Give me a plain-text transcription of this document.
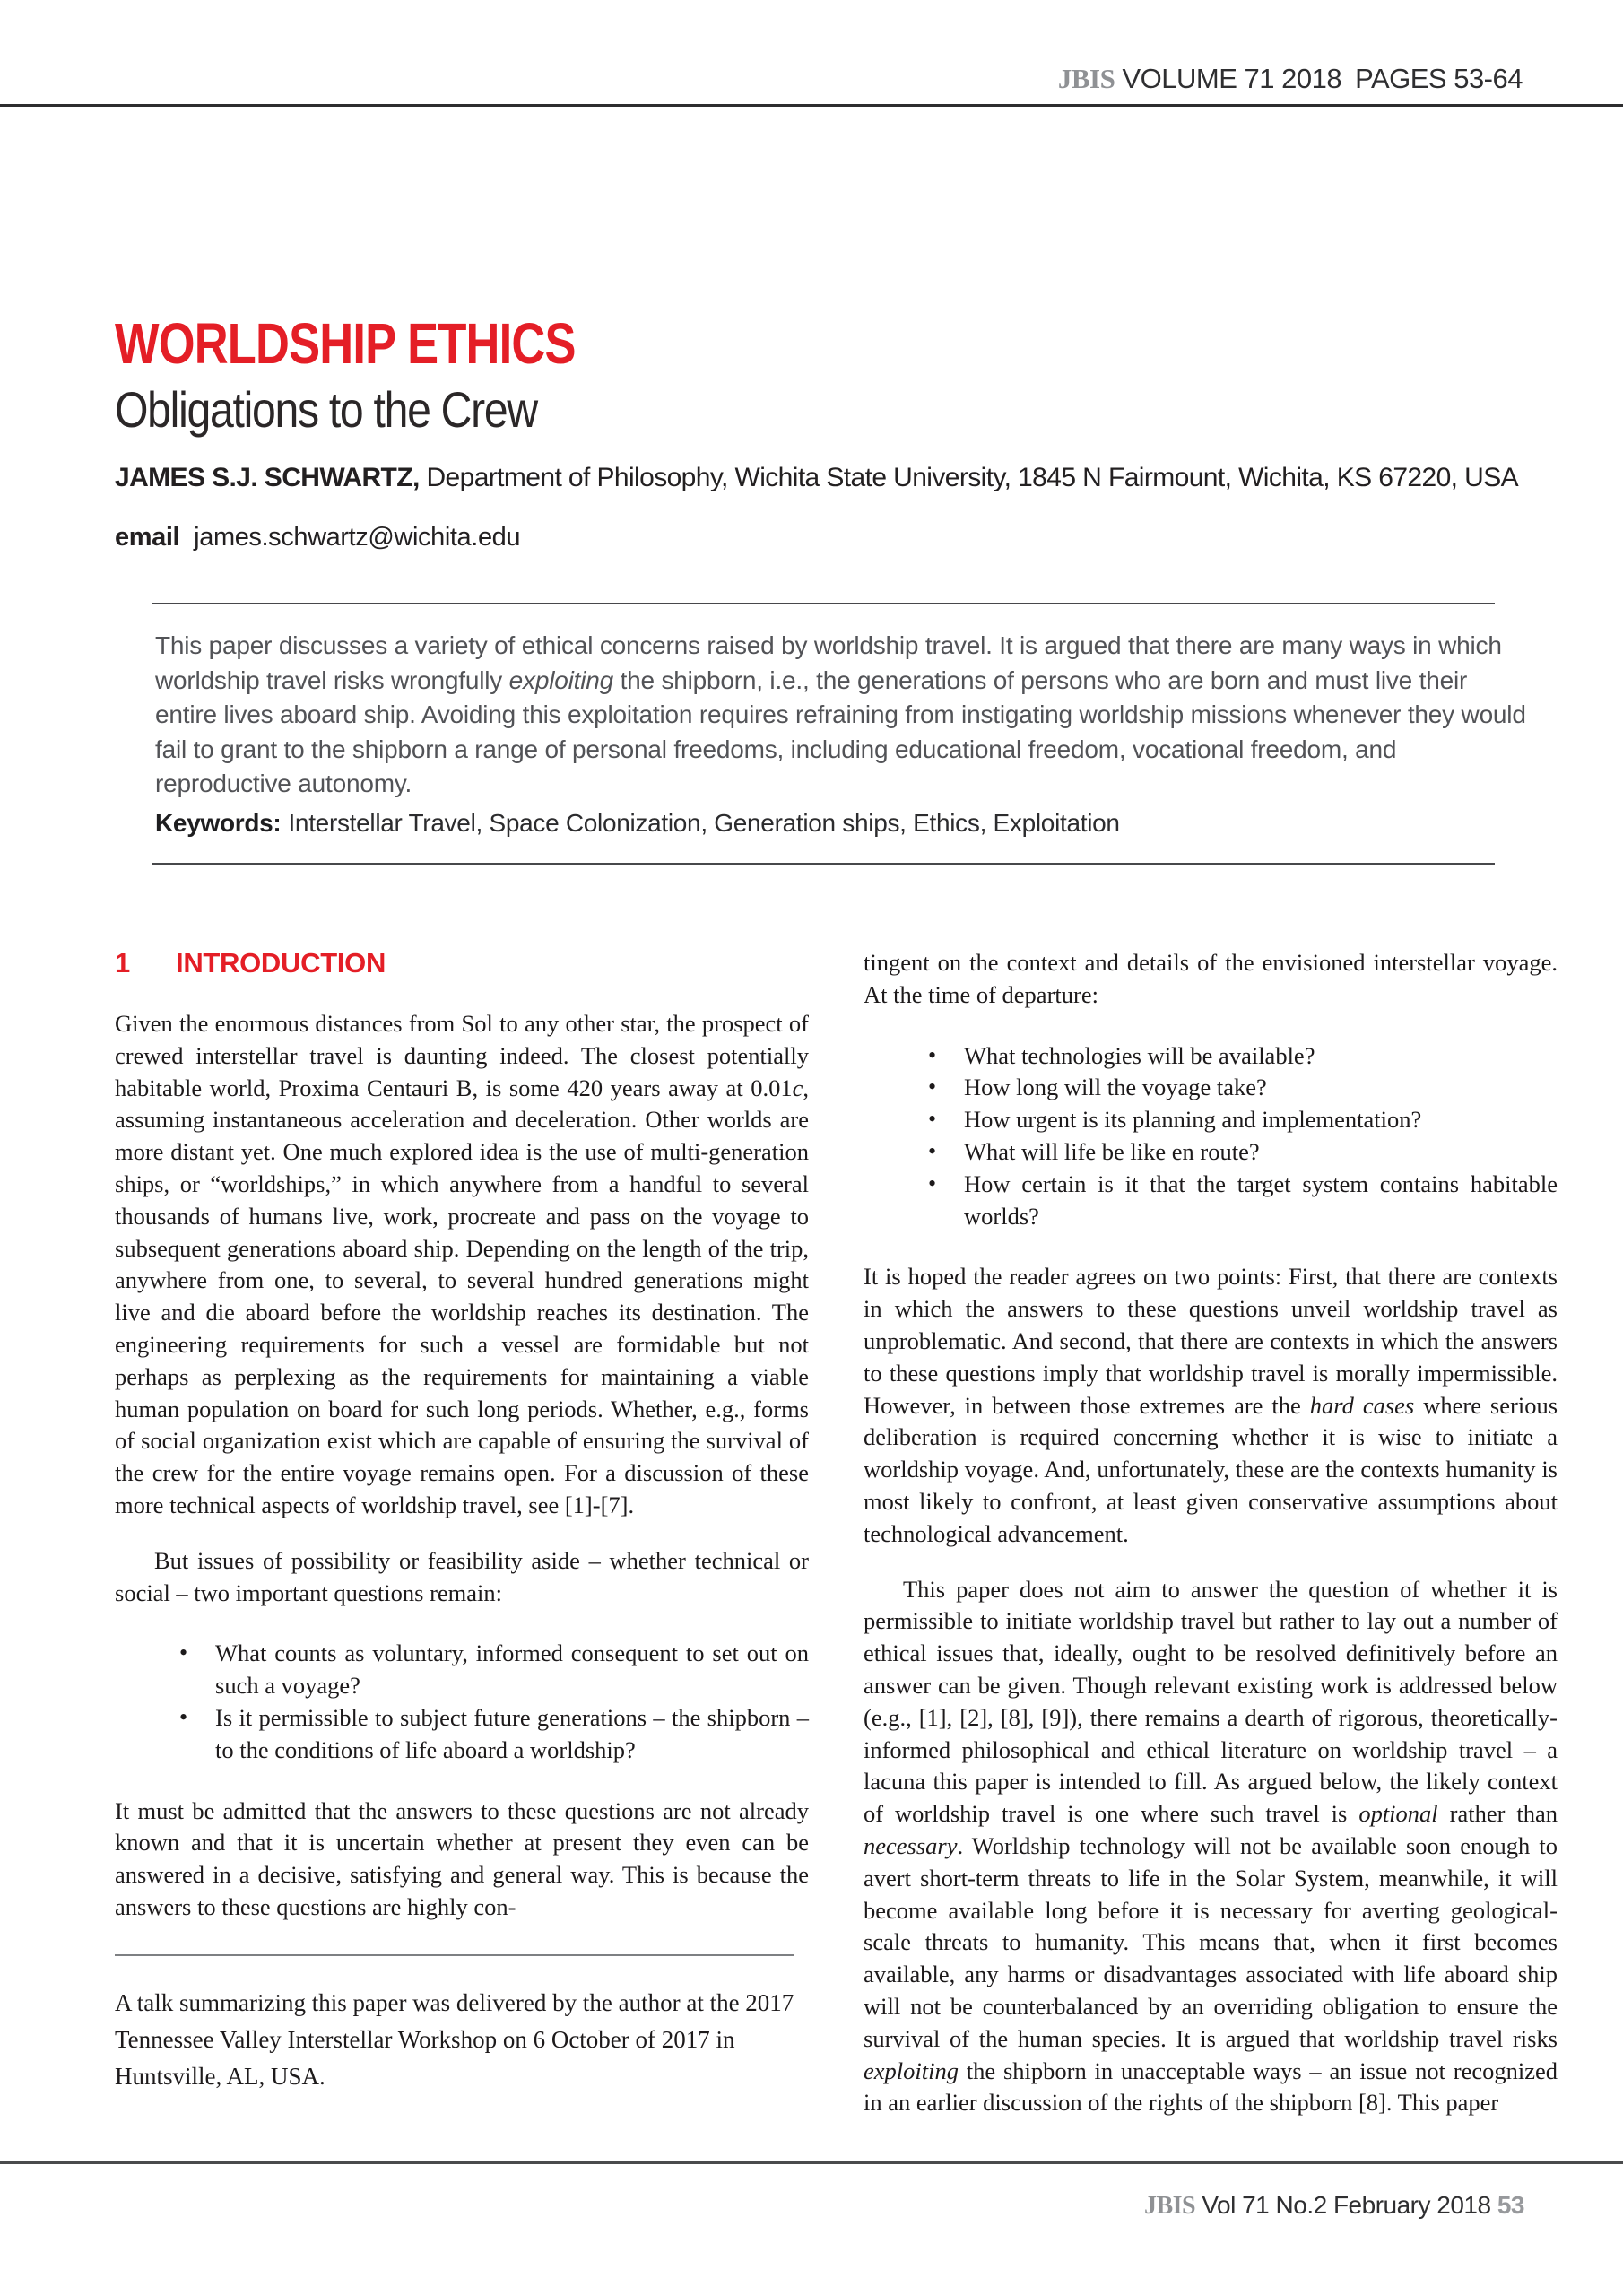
JBIS VOLUME 71 2018 PAGES 53-64
WORLDSHIP ETHICS
Obligations to the Crew
JAMES S.J. SCHWARTZ, Department of Philosophy, Wichita State University, 1845 N Fairmount, Wichita, KS 67220, USA
email james.schwartz@wichita.edu
This paper discusses a variety of ethical concerns raised by worldship travel. It is argued that there are many ways in which worldship travel risks wrongfully exploiting the shipborn, i.e., the generations of persons who are born and must live their entire lives aboard ship. Avoiding this exploitation requires refraining from instigating worldship missions whenever they would fail to grant to the shipborn a range of personal freedoms, including educational freedom, vocational freedom, and reproductive autonomy.
Keywords: Interstellar Travel, Space Colonization, Generation ships, Ethics, Exploitation
1 INTRODUCTION

Given the enormous distances from Sol to any other star, the prospect of crewed interstellar travel is daunting indeed. The closest potentially habitable world, Proxima Centauri B, is some 420 years away at 0.01c, assuming instantaneous acceleration and deceleration. Other worlds are more distant yet. One much explored idea is the use of multi-generation ships, or “worldships,” in which anywhere from a handful to several thousands of humans live, work, procreate and pass on the voyage to subsequent generations aboard ship. Depending on the length of the trip, anywhere from one, to several, to several hundred generations might live and die aboard before the worldship reaches its destination. The engineering requirements for such a vessel are formidable but not perhaps as perplexing as the requirements for maintaining a viable human population on board for such long periods. Whether, e.g., forms of social organization exist which are capable of ensuring the survival of the crew for the entire voyage remains open. For a discussion of these more technical aspects of worldship travel, see [1]-[7].

But issues of possibility or feasibility aside – whether technical or social – two important questions remain:

• What counts as voluntary, informed consequent to set out on such a voyage?
• Is it permissible to subject future generations – the shipborn – to the conditions of life aboard a worldship?

It must be admitted that the answers to these questions are not already known and that it is uncertain whether at present they even can be answered in a decisive, satisfying and general way. This is because the answers to these questions are highly con-

A talk summarizing this paper was delivered by the author at the 2017 Tennessee Valley Interstellar Workshop on 6 October of 2017 in Huntsville, AL, USA.

tingent on the context and details of the envisioned interstellar voyage. At the time of departure:

• What technologies will be available?
• How long will the voyage take?
• How urgent is its planning and implementation?
• What will life be like en route?
• How certain is it that the target system contains habitable worlds?

It is hoped the reader agrees on two points: First, that there are contexts in which the answers to these questions unveil worldship travel as unproblematic. And second, that there are contexts in which the answers to these questions imply that worldship travel is morally impermissible. However, in between those extremes are the hard cases where serious deliberation is required concerning whether it is wise to initiate a worldship voyage. And, unfortunately, these are the contexts humanity is most likely to confront, at least given conservative assumptions about technological advancement.

This paper does not aim to answer the question of whether it is permissible to initiate worldship travel but rather to lay out a number of ethical issues that, ideally, ought to be resolved definitively before an answer can be given. Though relevant existing work is addressed below (e.g., [1], [2], [8], [9]), there remains a dearth of rigorous, theoretically-informed philosophical and ethical literature on worldship travel – a lacuna this paper is intended to fill. As argued below, the likely context of worldship travel is one where such travel is optional rather than necessary. Worldship technology will not be available soon enough to avert short-term threats to life in the Solar System, meanwhile, it will become available long before it is necessary for averting geological-scale threats to humanity. This means that, when it first becomes available, any harms or disadvantages associated with life aboard ship will not be counterbalanced by an overriding obligation to ensure the survival of the human species. It is argued that worldship travel risks exploiting the shipborn in unacceptable ways – an issue not recognized in an earlier discussion of the rights of the shipborn [8]. This paper

JBIS Vol 71 No.2 February 2018 53
